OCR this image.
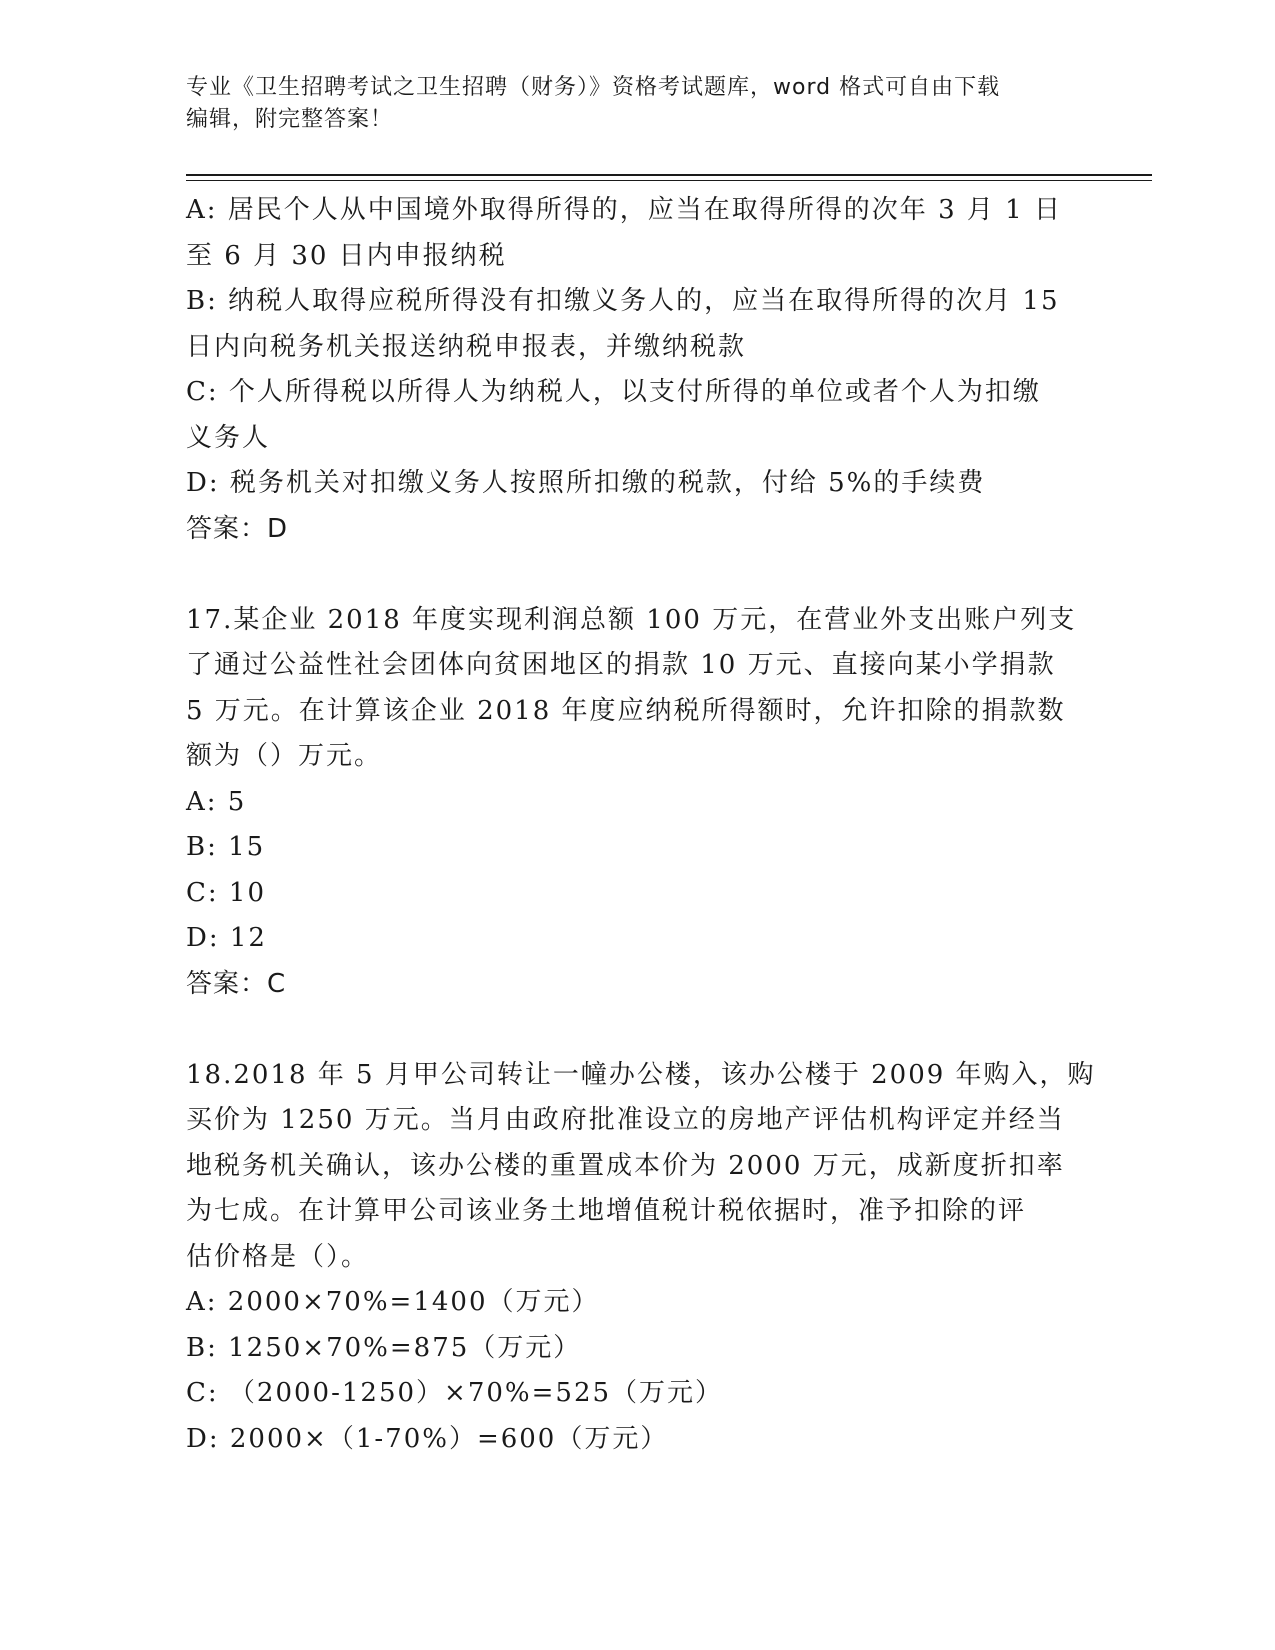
专业《卫生招聘考试之卫生招聘（财务）》资格考试题库，word 格式可自由下载
编辑，附完整答案！
A: 居民个人从中国境外取得所得的，应当在取得所得的次年 3 月 1 日
至 6 月 30 日内申报纳税
B: 纳税人取得应税所得没有扣缴义务人的，应当在取得所得的次月 15
日内向税务机关报送纳税申报表，并缴纳税款
C: 个人所得税以所得人为纳税人，以支付所得的单位或者个人为扣缴
义务人
D: 税务机关对扣缴义务人按照所扣缴的税款，付给 5%的手续费
答案：D
17.某企业 2018 年度实现利润总额 100 万元，在营业外支出账户列支
了通过公益性社会团体向贫困地区的捐款 10 万元、直接向某小学捐款
5 万元。在计算该企业 2018 年度应纳税所得额时，允许扣除的捐款数
额为（）万元。
A: 5
B: 15
C: 10
D: 12
答案：C
18.2018 年 5 月甲公司转让一幢办公楼，该办公楼于 2009 年购入，购
买价为 1250 万元。当月由政府批准设立的房地产评估机构评定并经当
地税务机关确认，该办公楼的重置成本价为 2000 万元，成新度折扣率
为七成。在计算甲公司该业务土地增值税计税依据时，准予扣除的评
估价格是（）。
A: 2000×70%=1400（万元）
B: 1250×70%=875（万元）
C: （2000-1250）×70%=525（万元）
D: 2000×（1-70%）=600（万元）
